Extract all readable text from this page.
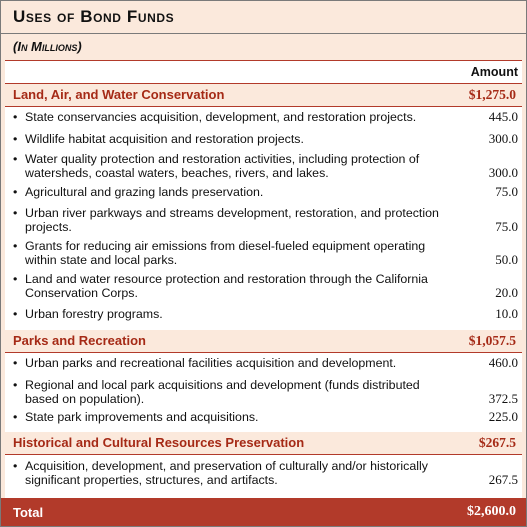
Uses of Bond Funds
(In Millions)
Amount
Land, Air, and Water Conservation	$1,275.0
• State conservancies acquisition, development, and restoration projects.	445.0
• Wildlife habitat acquisition and restoration projects.	300.0
• Water quality protection and restoration activities, including protection of watersheds, coastal waters, beaches, rivers, and lakes.	300.0
• Agricultural and grazing lands preservation.	75.0
• Urban river parkways and streams development, restoration, and protection projects.	75.0
• Grants for reducing air emissions from diesel-fueled equipment operating within state and local parks.	50.0
• Land and water resource protection and restoration through the California Conservation Corps.	20.0
• Urban forestry programs.	10.0
Parks and Recreation	$1,057.5
• Urban parks and recreational facilities acquisition and development.	460.0
• Regional and local park acquisitions and development (funds distributed based on population).	372.5
• State park improvements and acquisitions.	225.0
Historical and Cultural Resources Preservation	$267.5
• Acquisition, development, and preservation of culturally and/or historically significant properties, structures, and artifacts.	267.5
Total	$2,600.0
